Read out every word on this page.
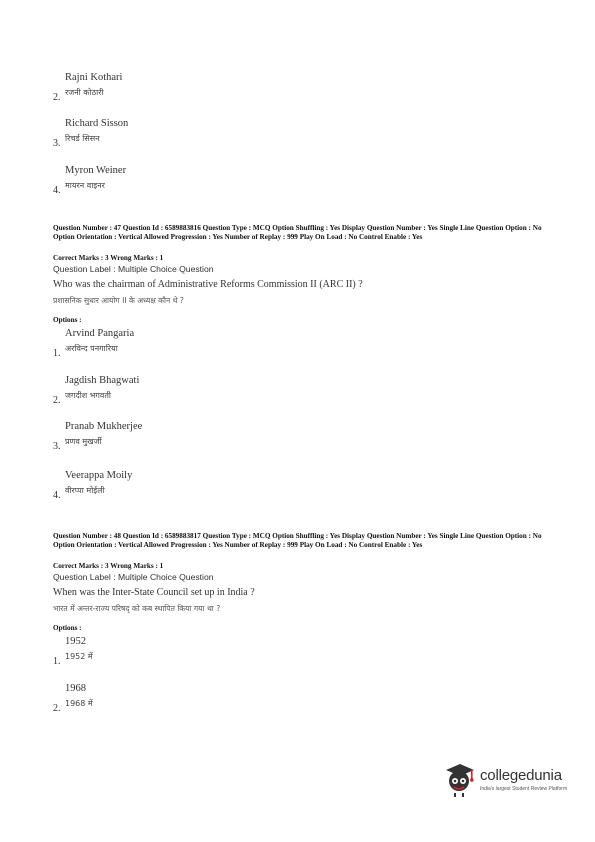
Rajni Kothari
2. रजनी कोठारी
Richard Sisson
3. रिचर्ड सिसन
Myron Weiner
4. मायरन वाइनर
Question Number : 47 Question Id : 6589883816 Question Type : MCQ Option Shuffling : Yes Display Question Number : Yes Single Line Question Option : No Option Orientation : Vertical Allowed Progression : Yes Number of Replay : 999 Play On Load : No Control Enable : Yes
Correct Marks : 3 Wrong Marks : 1
Question Label : Multiple Choice Question
Who was the chairman of Administrative Reforms Commission II (ARC II) ?
प्रशासनिक सुधार आयोग II के अध्यक्ष कौन थे ?
Options :
Arvind Pangaria
1. अरविन्द पनगारिया
Jagdish Bhagwati
2. जगदीश भगवती
Pranab Mukherjee
3. प्रणव मुखर्जी
Veerappa Moily
4. वीरप्पा मोईली
Question Number : 48 Question Id : 6589883817 Question Type : MCQ Option Shuffling : Yes Display Question Number : Yes Single Line Question Option : No Option Orientation : Vertical Allowed Progression : Yes Number of Replay : 999 Play On Load : No Control Enable : Yes
Correct Marks : 3 Wrong Marks : 1
Question Label : Multiple Choice Question
When was the Inter-State Council set up in India ?
भारत में अन्तर-राज्य परिषद् को कब स्थापित किया गया था ?
Options :
1952
1. 1952 में
1968
2. 1968 में
collegedunia
India's largest Student Review Platform
